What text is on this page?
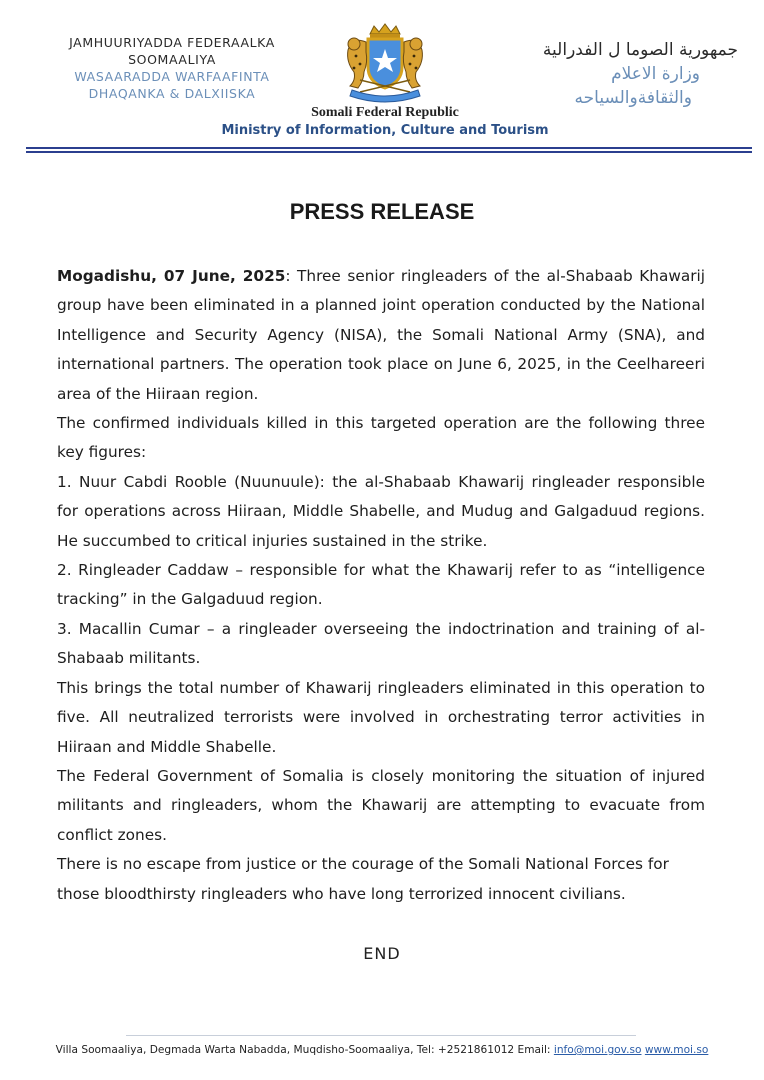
JAMHUURIYADDA FEDERAALKA
SOOMAALIYA
WASAARADDA WARFAAFINTA
DHAQANKA & DALXIISKA
جمهورية الصوما ل الفدرالية
وزارة الاعلام
والثقافةوالسياحه
Somali Federal Republic
Ministry of Information, Culture and Tourism
PRESS RELEASE

Mogadishu, 07 June, 2025: Three senior ringleaders of the al-Shabaab Khawarij group have been eliminated in a planned joint operation conducted by the National Intelligence and Security Agency (NISA), the Somali National Army (SNA), and international partners. The operation took place on June 6, 2025, in the Ceelhareeri area of the Hiiraan region.

The confirmed individuals killed in this targeted operation are the following three key figures:

1. Nuur Cabdi Rooble (Nuunuule): the al-Shabaab Khawarij ringleader responsible for operations across Hiiraan, Middle Shabelle, and Mudug and Galgaduud regions. He succumbed to critical injuries sustained in the strike.

2. Ringleader Caddaw – responsible for what the Khawarij refer to as “intelligence tracking” in the Galgaduud region.

3. Macallin Cumar – a ringleader overseeing the indoctrination and training of al-Shabaab militants.

This brings the total number of Khawarij ringleaders eliminated in this operation to five. All neutralized terrorists were involved in orchestrating terror activities in Hiiraan and Middle Shabelle.

The Federal Government of Somalia is closely monitoring the situation of injured militants and ringleaders, whom the Khawarij are attempting to evacuate from conflict zones.

There is no escape from justice or the courage of the Somali National Forces for those bloodthirsty ringleaders who have long terrorized innocent civilians.

END
Villa Soomaaliya, Degmada Warta Nabadda, Muqdisho-Soomaaliya, Tel: +2521861012 Email: info@moi.gov.so www.moi.so
